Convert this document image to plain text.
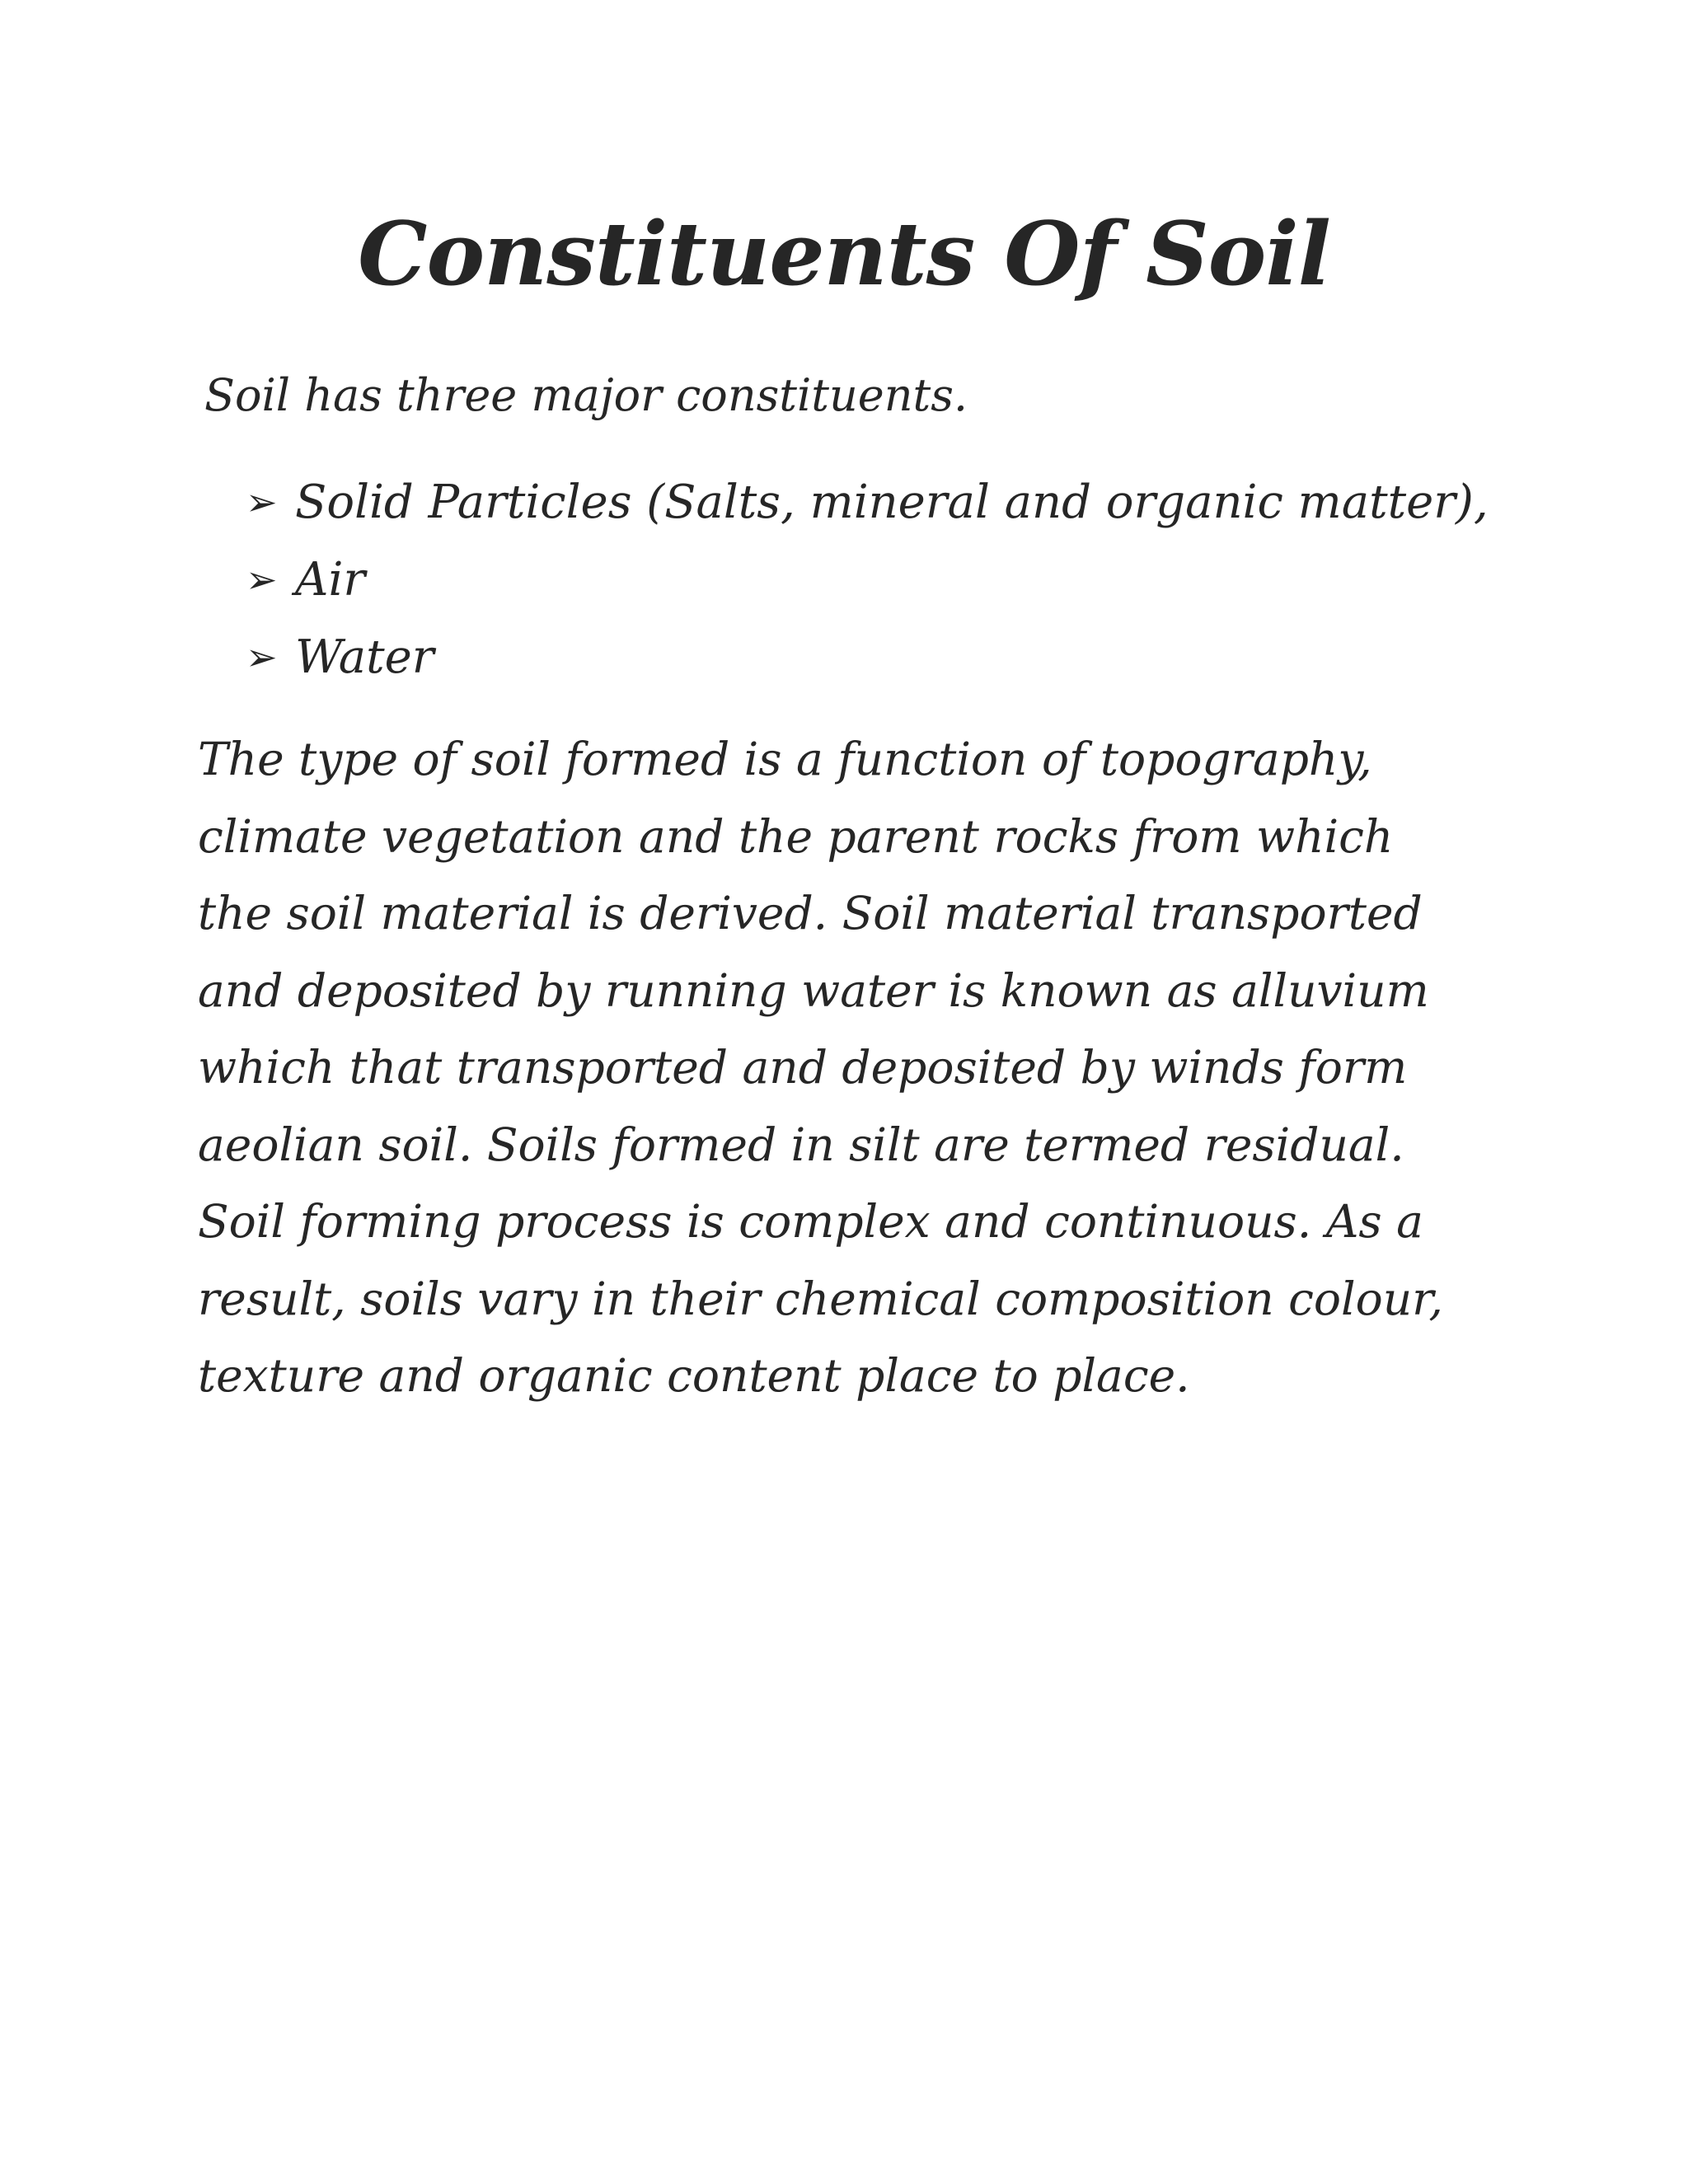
Constituents Of Soil

Soil has three major constituents.

➢ Solid Particles (Salts, mineral and organic matter),
➢ Air
➢ Water
The type of soil formed is a function of topography,
climate vegetation and the parent rocks from which
the soil material is derived. Soil material transported
and deposited by running water is known as alluvium
which that transported and deposited by winds form
aeolian soil. Soils formed in silt are termed residual.
Soil forming process is complex and continuous. As a
result, soils vary in their chemical composition colour,
texture and organic content place to place.
